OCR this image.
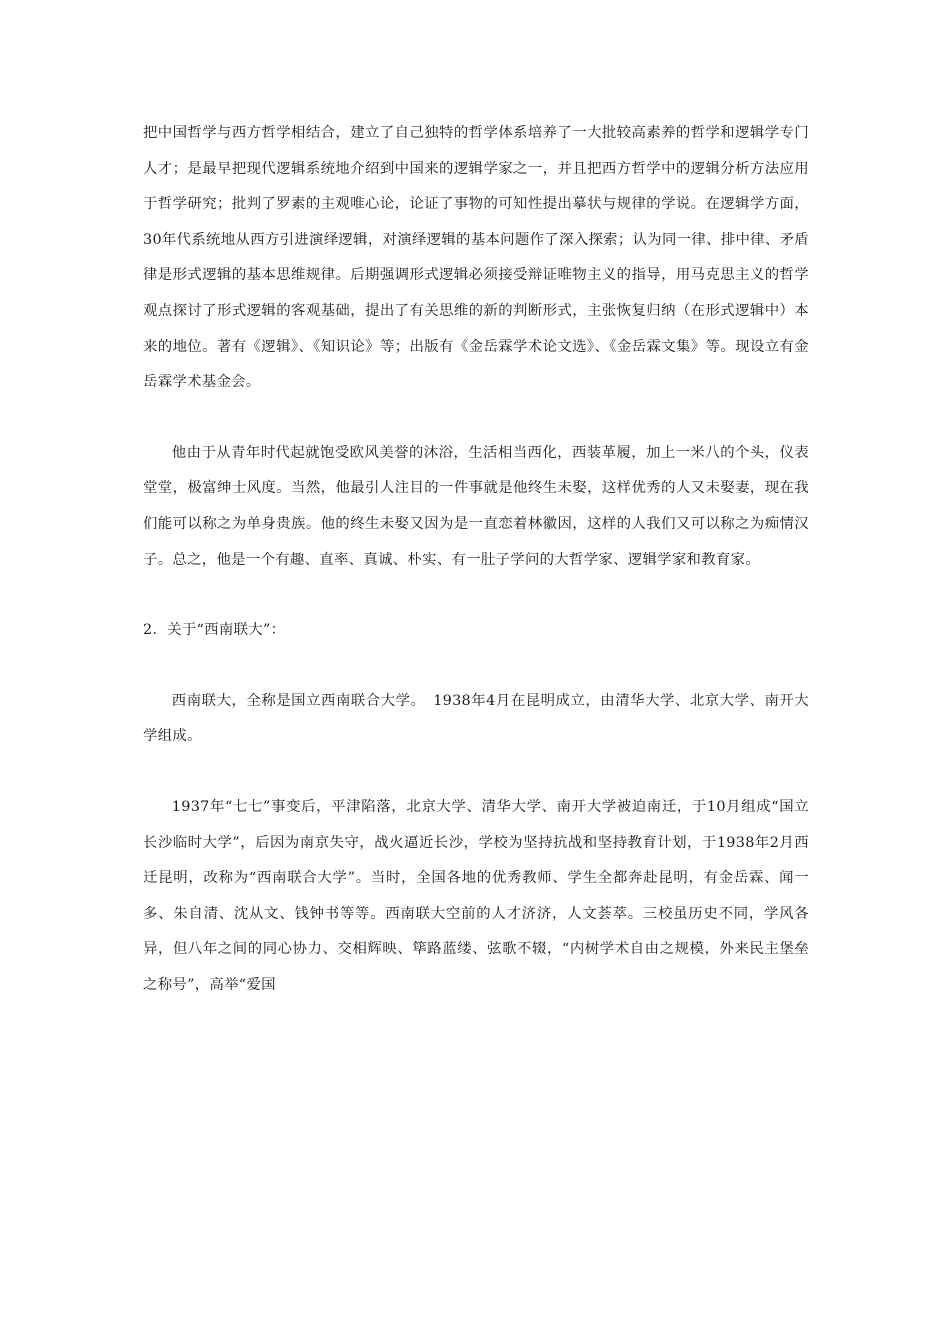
把中国哲学与西方哲学相结合，建立了自己独特的哲学体系培养了一大批较高素养的哲学和逻辑学专门人才；是最早把现代逻辑系统地介绍到中国来的逻辑学家之一，并且把西方哲学中的逻辑分析方法应用于哲学研究；批判了罗素的主观唯心论，论证了事物的可知性提出摹状与规律的学说。在逻辑学方面，30年代系统地从西方引进演绎逻辑，对演绎逻辑的基本问题作了深入探索；认为同一律、排中律、矛盾律是形式逻辑的基本思维规律。后期强调形式逻辑必须接受辩证唯物主义的指导，用马克思主义的哲学观点探讨了形式逻辑的客观基础，提出了有关思维的新的判断形式，主张恢复归纳（在形式逻辑中）本来的地位。著有《逻辑》、《知识论》等；出版有《金岳霖学术论文选》、《金岳霖文集》等。现设立有金岳霖学术基金会。

他由于从青年时代起就饱受欧风美誉的沐浴，生活相当西化，西装革履，加上一米八的个头，仪表堂堂，极富绅士风度。当然，他最引人注目的一件事就是他终生未娶，这样优秀的人又未娶妻，现在我们能可以称之为单身贵族。他的终生未娶又因为是一直恋着林徽因，这样的人我们又可以称之为痴情汉子。总之，他是一个有趣、直率、真诚、朴实、有一肚子学问的大哲学家、逻辑学家和教育家。

2．关于“西南联大”：

西南联大，全称是国立西南联合大学。　1938年4月在昆明成立，由清华大学、北京大学、南开大学组成。

1937年“七七”事变后，平津陷落，北京大学、清华大学、南开大学被迫南迁，于10月组成“国立长沙临时大学”，后因为南京失守，战火逼近长沙，学校为坚持抗战和坚持教育计划，于1938年2月西迁昆明，改称为“西南联合大学”。当时，全国各地的优秀教师、学生全都奔赴昆明，有金岳霖、闻一多、朱自清、沈从文、钱钟书等等。西南联大空前的人才济济，人文荟萃。三校虽历史不同，学风各异，但八年之间的同心协力、交相辉映、筚路蓝缕、弦歌不辍，“内树学术自由之规模，外来民主堡垒之称号”，高举“爱国
